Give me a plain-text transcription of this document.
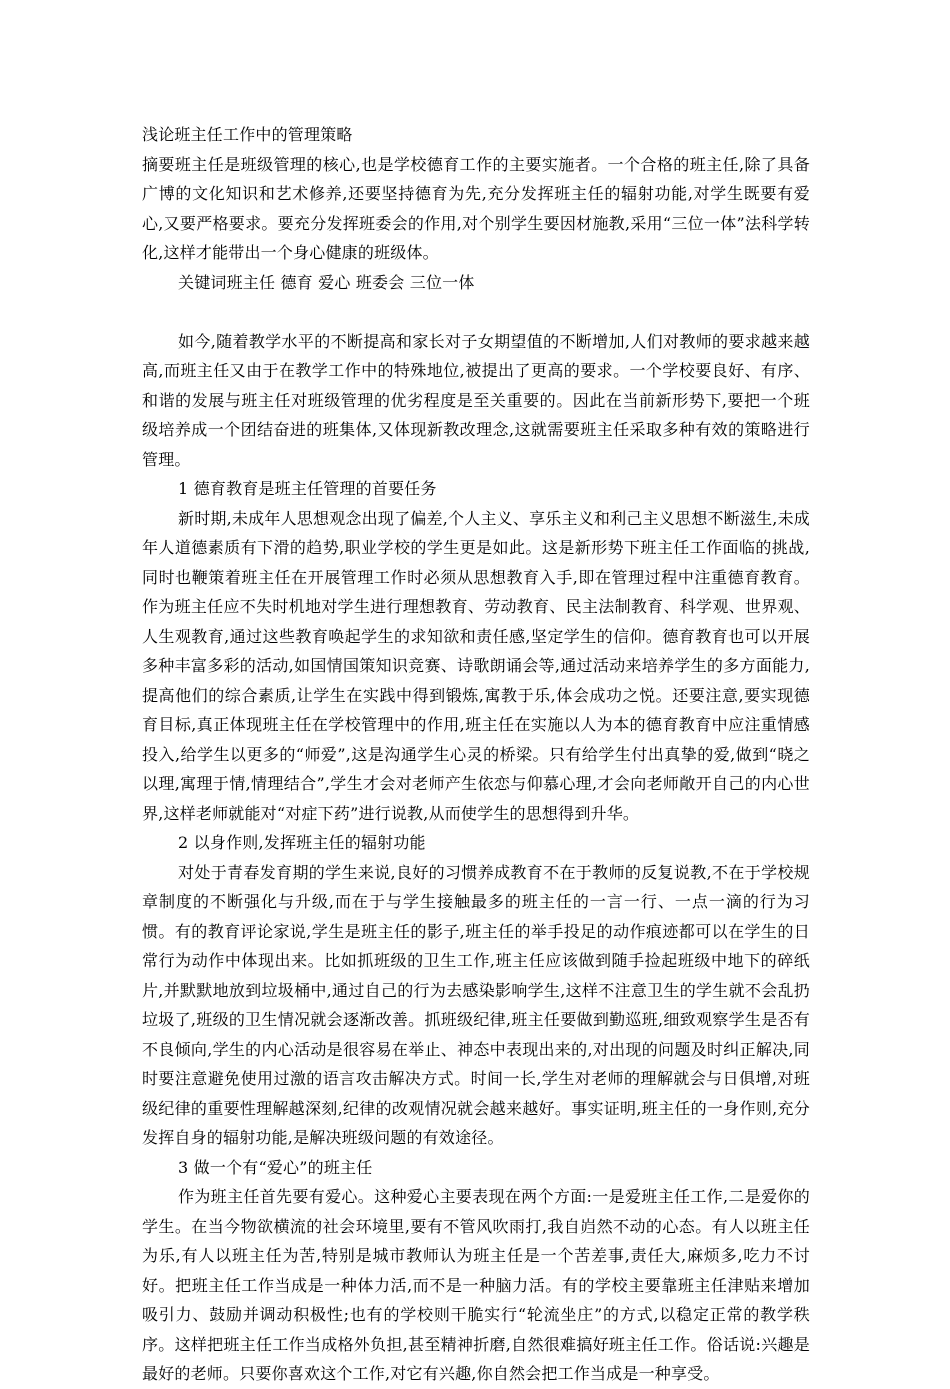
浅论班主任工作中的管理策略

摘要班主任是班级管理的核心,也是学校德育工作的主要实施者。一个合格的班主任,除了具备广博的文化知识和艺术修养,还要坚持德育为先,充分发挥班主任的辐射功能,对学生既要有爱心,又要严格要求。要充分发挥班委会的作用,对个别学生要因材施教,采用“三位一体”法科学转化,这样才能带出一个身心健康的班级体。

关键词班主任 德育 爱心 班委会 三位一体

如今,随着教学水平的不断提高和家长对子女期望值的不断增加,人们对教师的要求越来越高,而班主任又由于在教学工作中的特殊地位,被提出了更高的要求。一个学校要良好、有序、和谐的发展与班主任对班级管理的优劣程度是至关重要的。因此在当前新形势下,要把一个班级培养成一个团结奋进的班集体,又体现新教改理念,这就需要班主任采取多种有效的策略进行管理。

1 德育教育是班主任管理的首要任务

新时期,未成年人思想观念出现了偏差,个人主义、享乐主义和利己主义思想不断滋生,未成年人道德素质有下滑的趋势,职业学校的学生更是如此。这是新形势下班主任工作面临的挑战,同时也鞭策着班主任在开展管理工作时必须从思想教育入手,即在管理过程中注重德育教育。作为班主任应不失时机地对学生进行理想教育、劳动教育、民主法制教育、科学观、世界观、人生观教育,通过这些教育唤起学生的求知欲和责任感,坚定学生的信仰。德育教育也可以开展多种丰富多彩的活动,如国情国策知识竞赛、诗歌朗诵会等,通过活动来培养学生的多方面能力,提高他们的综合素质,让学生在实践中得到锻炼,寓教于乐,体会成功之悦。还要注意,要实现德育目标,真正体现班主任在学校管理中的作用,班主任在实施以人为本的德育教育中应注重情感投入,给学生以更多的“师爱”,这是沟通学生心灵的桥梁。只有给学生付出真挚的爱,做到“晓之以理,寓理于情,情理结合”,学生才会对老师产生依恋与仰慕心理,才会向老师敞开自己的内心世界,这样老师就能对“对症下药”进行说教,从而使学生的思想得到升华。

2 以身作则,发挥班主任的辐射功能

对处于青春发育期的学生来说,良好的习惯养成教育不在于教师的反复说教,不在于学校规章制度的不断强化与升级,而在于与学生接触最多的班主任的一言一行、一点一滴的行为习惯。有的教育评论家说,学生是班主任的影子,班主任的举手投足的动作痕迹都可以在学生的日常行为动作中体现出来。比如抓班级的卫生工作,班主任应该做到随手捡起班级中地下的碎纸片,并默默地放到垃圾桶中,通过自己的行为去感染影响学生,这样不注意卫生的学生就不会乱扔垃圾了,班级的卫生情况就会逐渐改善。抓班级纪律,班主任要做到勤巡班,细致观察学生是否有不良倾向,学生的内心活动是很容易在举止、神态中表现出来的,对出现的问题及时纠正解决,同时要注意避免使用过激的语言攻击解决方式。时间一长,学生对老师的理解就会与日俱增,对班级纪律的重要性理解越深刻,纪律的改观情况就会越来越好。事实证明,班主任的一身作则,充分发挥自身的辐射功能,是解决班级问题的有效途径。

3 做一个有“爱心”的班主任

作为班主任首先要有爱心。这种爱心主要表现在两个方面:一是爱班主任工作,二是爱你的学生。在当今物欲横流的社会环境里,要有不管风吹雨打,我自岿然不动的心态。有人以班主任为乐,有人以班主任为苦,特别是城市教师认为班主任是一个苦差事,责任大,麻烦多,吃力不讨好。把班主任工作当成是一种体力活,而不是一种脑力活。有的学校主要靠班主任津贴来增加吸引力、鼓励并调动积极性;也有的学校则干脆实行“轮流坐庄”的方式,以稳定正常的教学秩序。这样把班主任工作当成格外负担,甚至精神折磨,自然很难搞好班主任工作。俗话说:兴趣是最好的老师。只要你喜欢这个工作,对它有兴趣,你自然会把工作当成是一种享受。
